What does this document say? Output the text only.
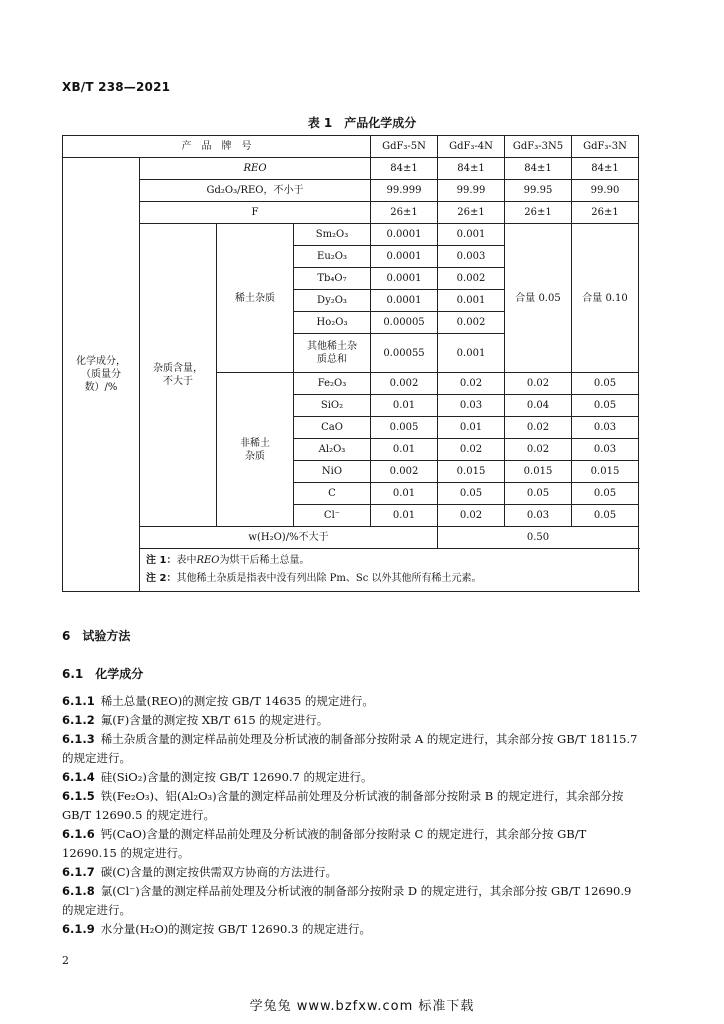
XB/T 238—2021
表 1　产品化学成分
产　品　牌　号				GdF₃-5N	GdF₃-4N	GdF₃-3N5	GdF₃-3N
化学成分，（质量分数）/%	REO			84±1	84±1	84±1	84±1
	Gd₂O₃/REO，不小于			99.999	99.99	99.95	99.90
	F			26±1	26±1	26±1	26±1
	杂质含量，不大于	稀土杂质	Sm₂O₃	0.0001	0.001	合量 0.05	合量 0.10
			Eu₂O₃	0.0001	0.003		
			Tb₄O₇	0.0001	0.002		
			Dy₂O₃	0.0001	0.001		
			Ho₂O₃	0.00005	0.002		
			其他稀土杂质总和	0.00055	0.001		
		非稀土杂质	Fe₂O₃	0.002	0.02	0.02	0.05
			SiO₂	0.01	0.03	0.04	0.05
			CaO	0.005	0.01	0.02	0.03
			Al₂O₃	0.01	0.02	0.02	0.03
			NiO	0.002	0.015	0.015	0.015
			C	0.01	0.05	0.05	0.05
			Cl⁻	0.01	0.02	0.03	0.05
	w(H₂O)/%不大于				0.50		

	注 1：表中REO为烘干后稀土总量。
注 2：其他稀土杂质是指表中没有列出除 Pm、Sc 以外其他所有稀土元素。						
6　试验方法
6.1　化学成分

6.1.1 稀土总量(REO)的测定按 GB/T 14635 的规定进行。

6.1.2 氟(F)含量的测定按 XB/T 615 的规定进行。

6.1.3 稀土杂质含量的测定样品前处理及分析试液的制备部分按附录 A 的规定进行，其余部分按 GB/T 18115.7 的规定进行。

6.1.4 硅(SiO₂)含量的测定按 GB/T 12690.7 的规定进行。

6.1.5 铁(Fe₂O₃)、铝(Al₂O₃)含量的测定样品前处理及分析试液的制备部分按附录 B 的规定进行，其余部分按 GB/T 12690.5 的规定进行。

6.1.6 钙(CaO)含量的测定样品前处理及分析试液的制备部分按附录 C 的规定进行，其余部分按 GB/T 12690.15 的规定进行。

6.1.7 碳(C)含量的测定按供需双方协商的方法进行。

6.1.8 氯(Cl⁻)含量的测定样品前处理及分析试液的制备部分按附录 D 的规定进行，其余部分按 GB/T 12690.9 的规定进行。

6.1.9 水分量(H₂O)的测定按 GB/T 12690.3 的规定进行。

2
学兔兔 www.bzfxw.com 标准下载
